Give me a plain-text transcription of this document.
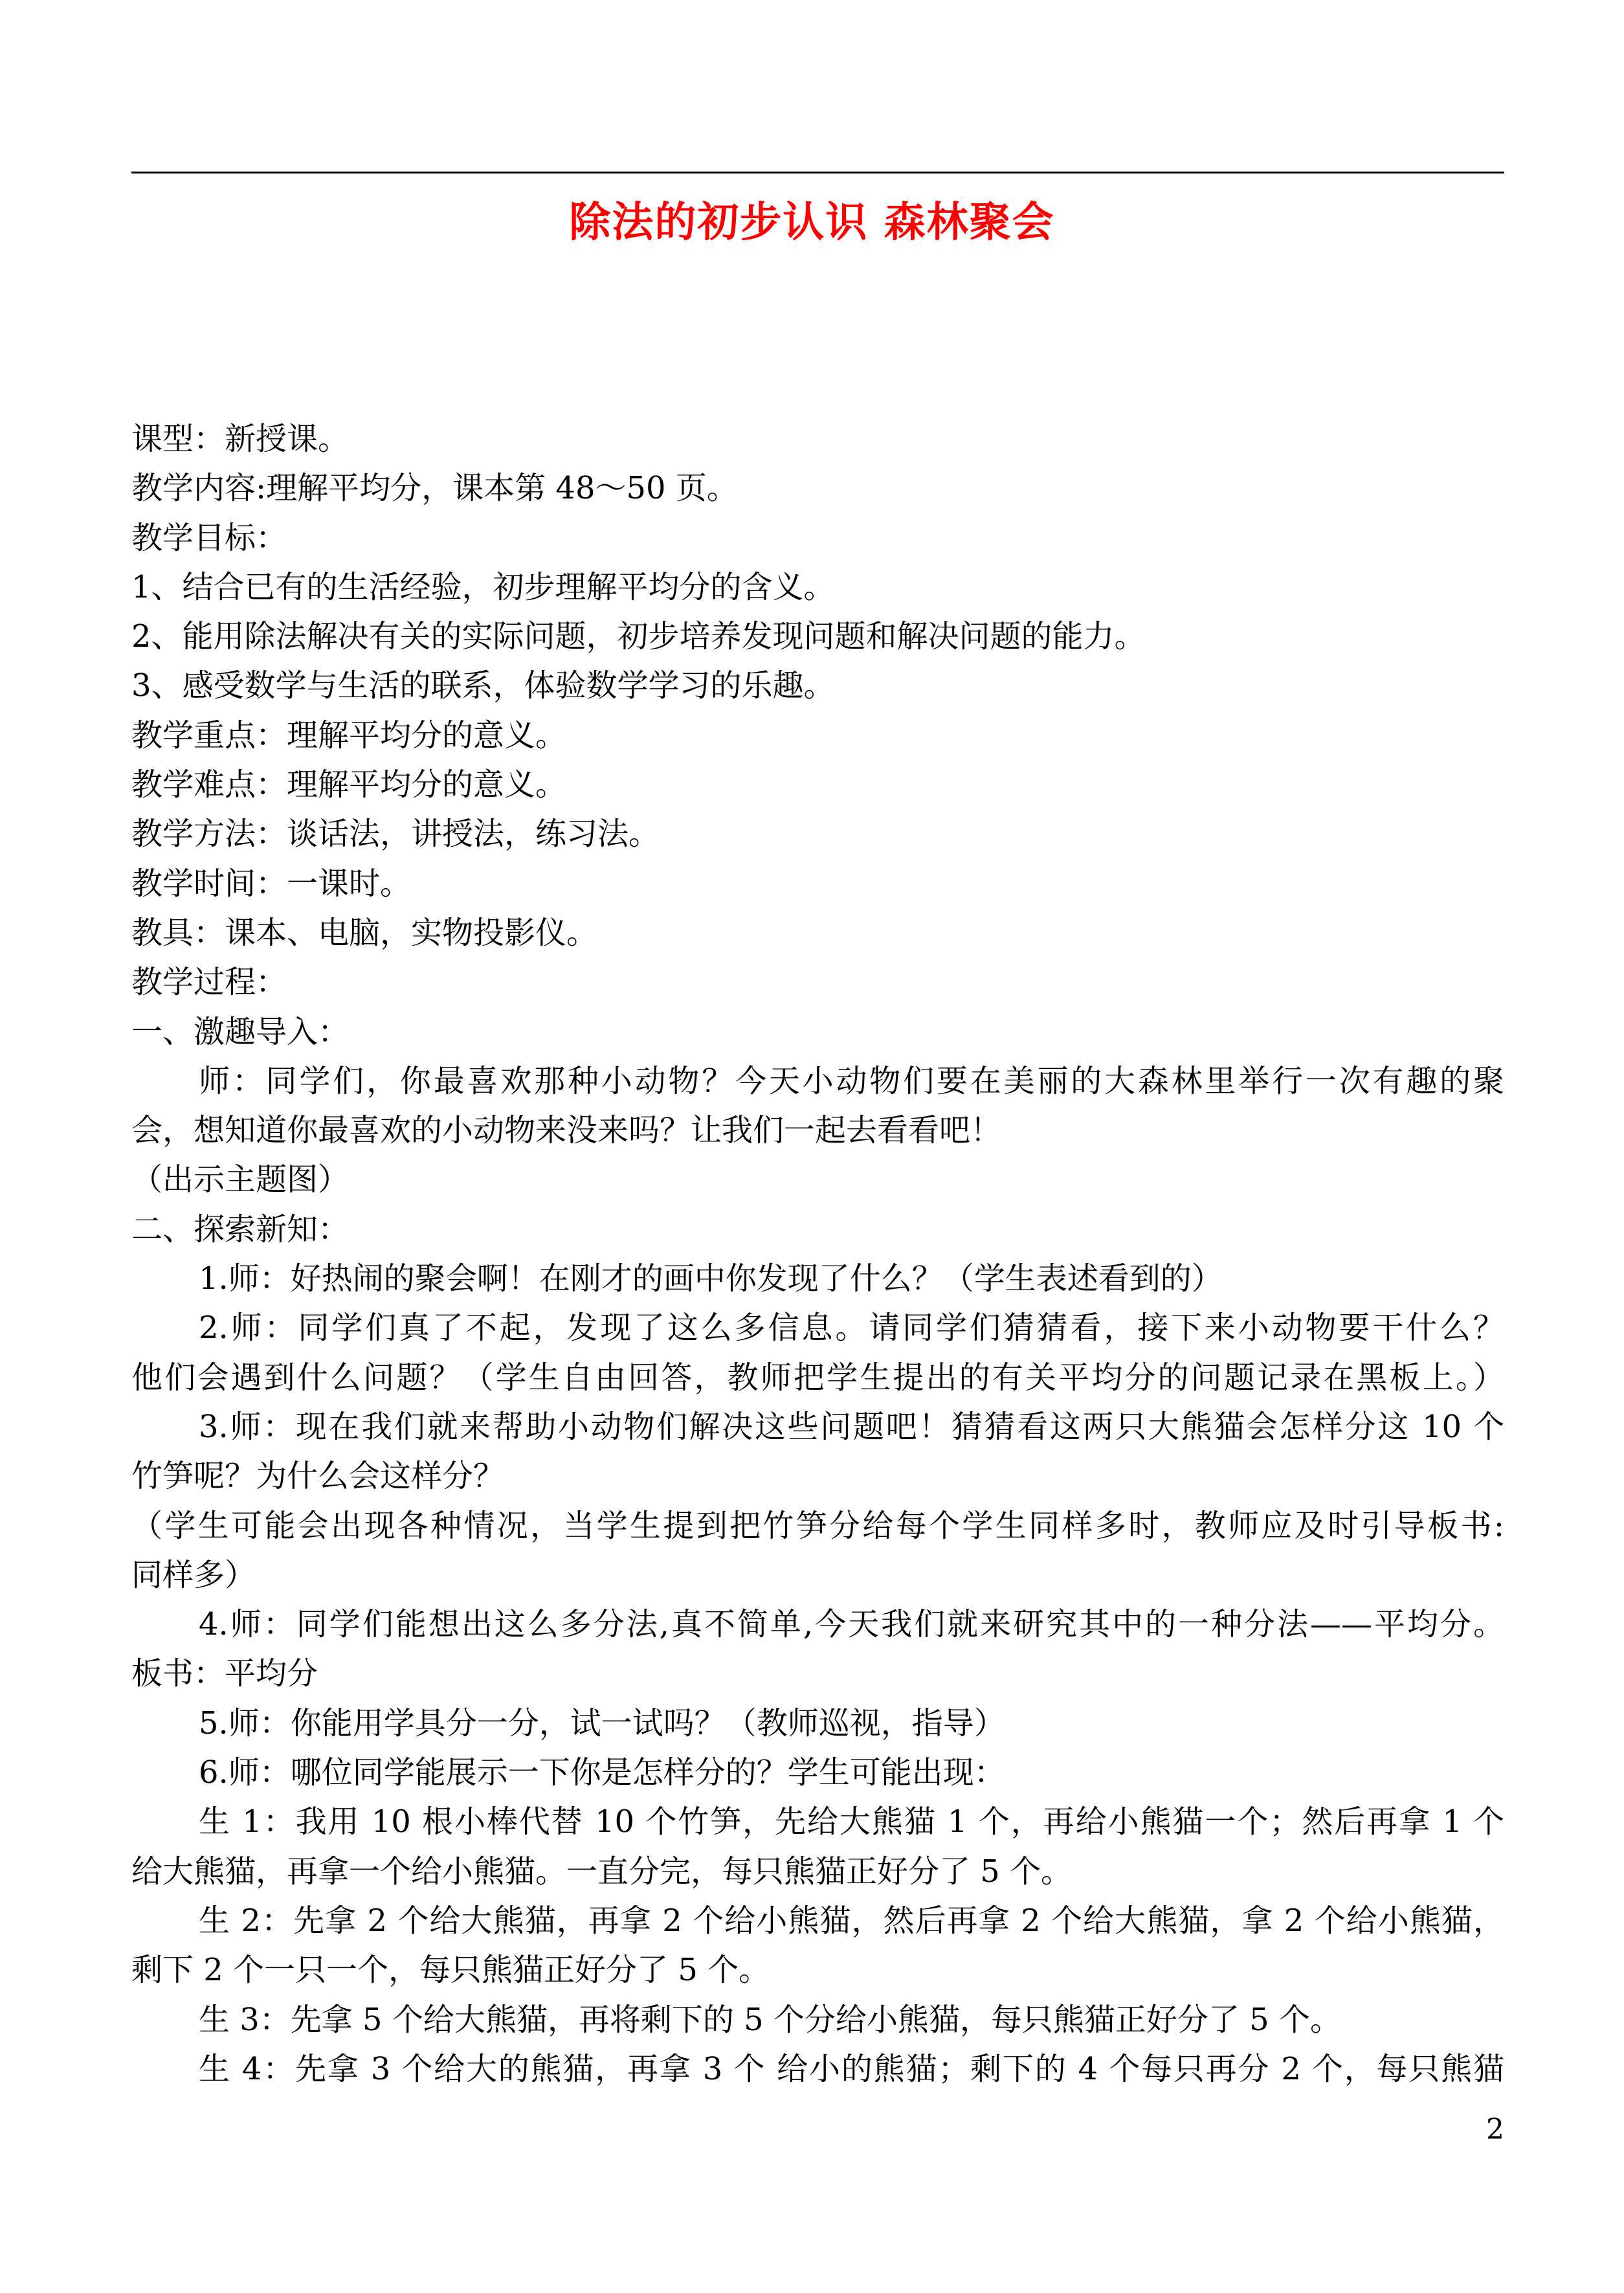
除法的初步认识 森林聚会
课型：新授课。
教学内容:理解平均分，课本第 48～50 页。
教学目标：
1、结合已有的生活经验，初步理解平均分的含义。
2、能用除法解决有关的实际问题，初步培养发现问题和解决问题的能力。
3、感受数学与生活的联系，体验数学学习的乐趣。
教学重点：理解平均分的意义。
教学难点：理解平均分的意义。
教学方法：谈话法，讲授法，练习法。
教学时间：一课时。
教具：课本、电脑，实物投影仪。
教学过程：
一、激趣导入：
师：同学们，你最喜欢那种小动物？今天小动物们要在美丽的大森林里举行一次有趣的聚
会，想知道你最喜欢的小动物来没来吗？让我们一起去看看吧！
（出示主题图）
二、探索新知：
1.师：好热闹的聚会啊！在刚才的画中你发现了什么？（学生表述看到的）
2.师：同学们真了不起，发现了这么多信息。请同学们猜猜看，接下来小动物要干什么？
他们会遇到什么问题？（学生自由回答，教师把学生提出的有关平均分的问题记录在黑板上。）
3.师：现在我们就来帮助小动物们解决这些问题吧！猜猜看这两只大熊猫会怎样分这 10 个
竹笋呢？为什么会这样分？
（学生可能会出现各种情况，当学生提到把竹笋分给每个学生同样多时，教师应及时引导板书:
同样多）
4.师：同学们能想出这么多分法,真不简单,今天我们就来研究其中的一种分法——平均分。
板书：平均分
5.师：你能用学具分一分，试一试吗？（教师巡视，指导）
6.师：哪位同学能展示一下你是怎样分的？学生可能出现：
生 1：我用 10 根小棒代替 10 个竹笋，先给大熊猫 1 个，再给小熊猫一个；然后再拿 1 个
给大熊猫，再拿一个给小熊猫。一直分完，每只熊猫正好分了 5 个。
生 2：先拿 2 个给大熊猫，再拿 2 个给小熊猫，然后再拿 2 个给大熊猫，拿 2 个给小熊猫，
剩下 2 个一只一个，每只熊猫正好分了 5 个。
生 3：先拿 5 个给大熊猫，再将剩下的 5 个分给小熊猫，每只熊猫正好分了 5 个。
生 4：先拿 3 个给大的熊猫，再拿 3 个 给小的熊猫；剩下的 4 个每只再分 2 个，每只熊猫
2
